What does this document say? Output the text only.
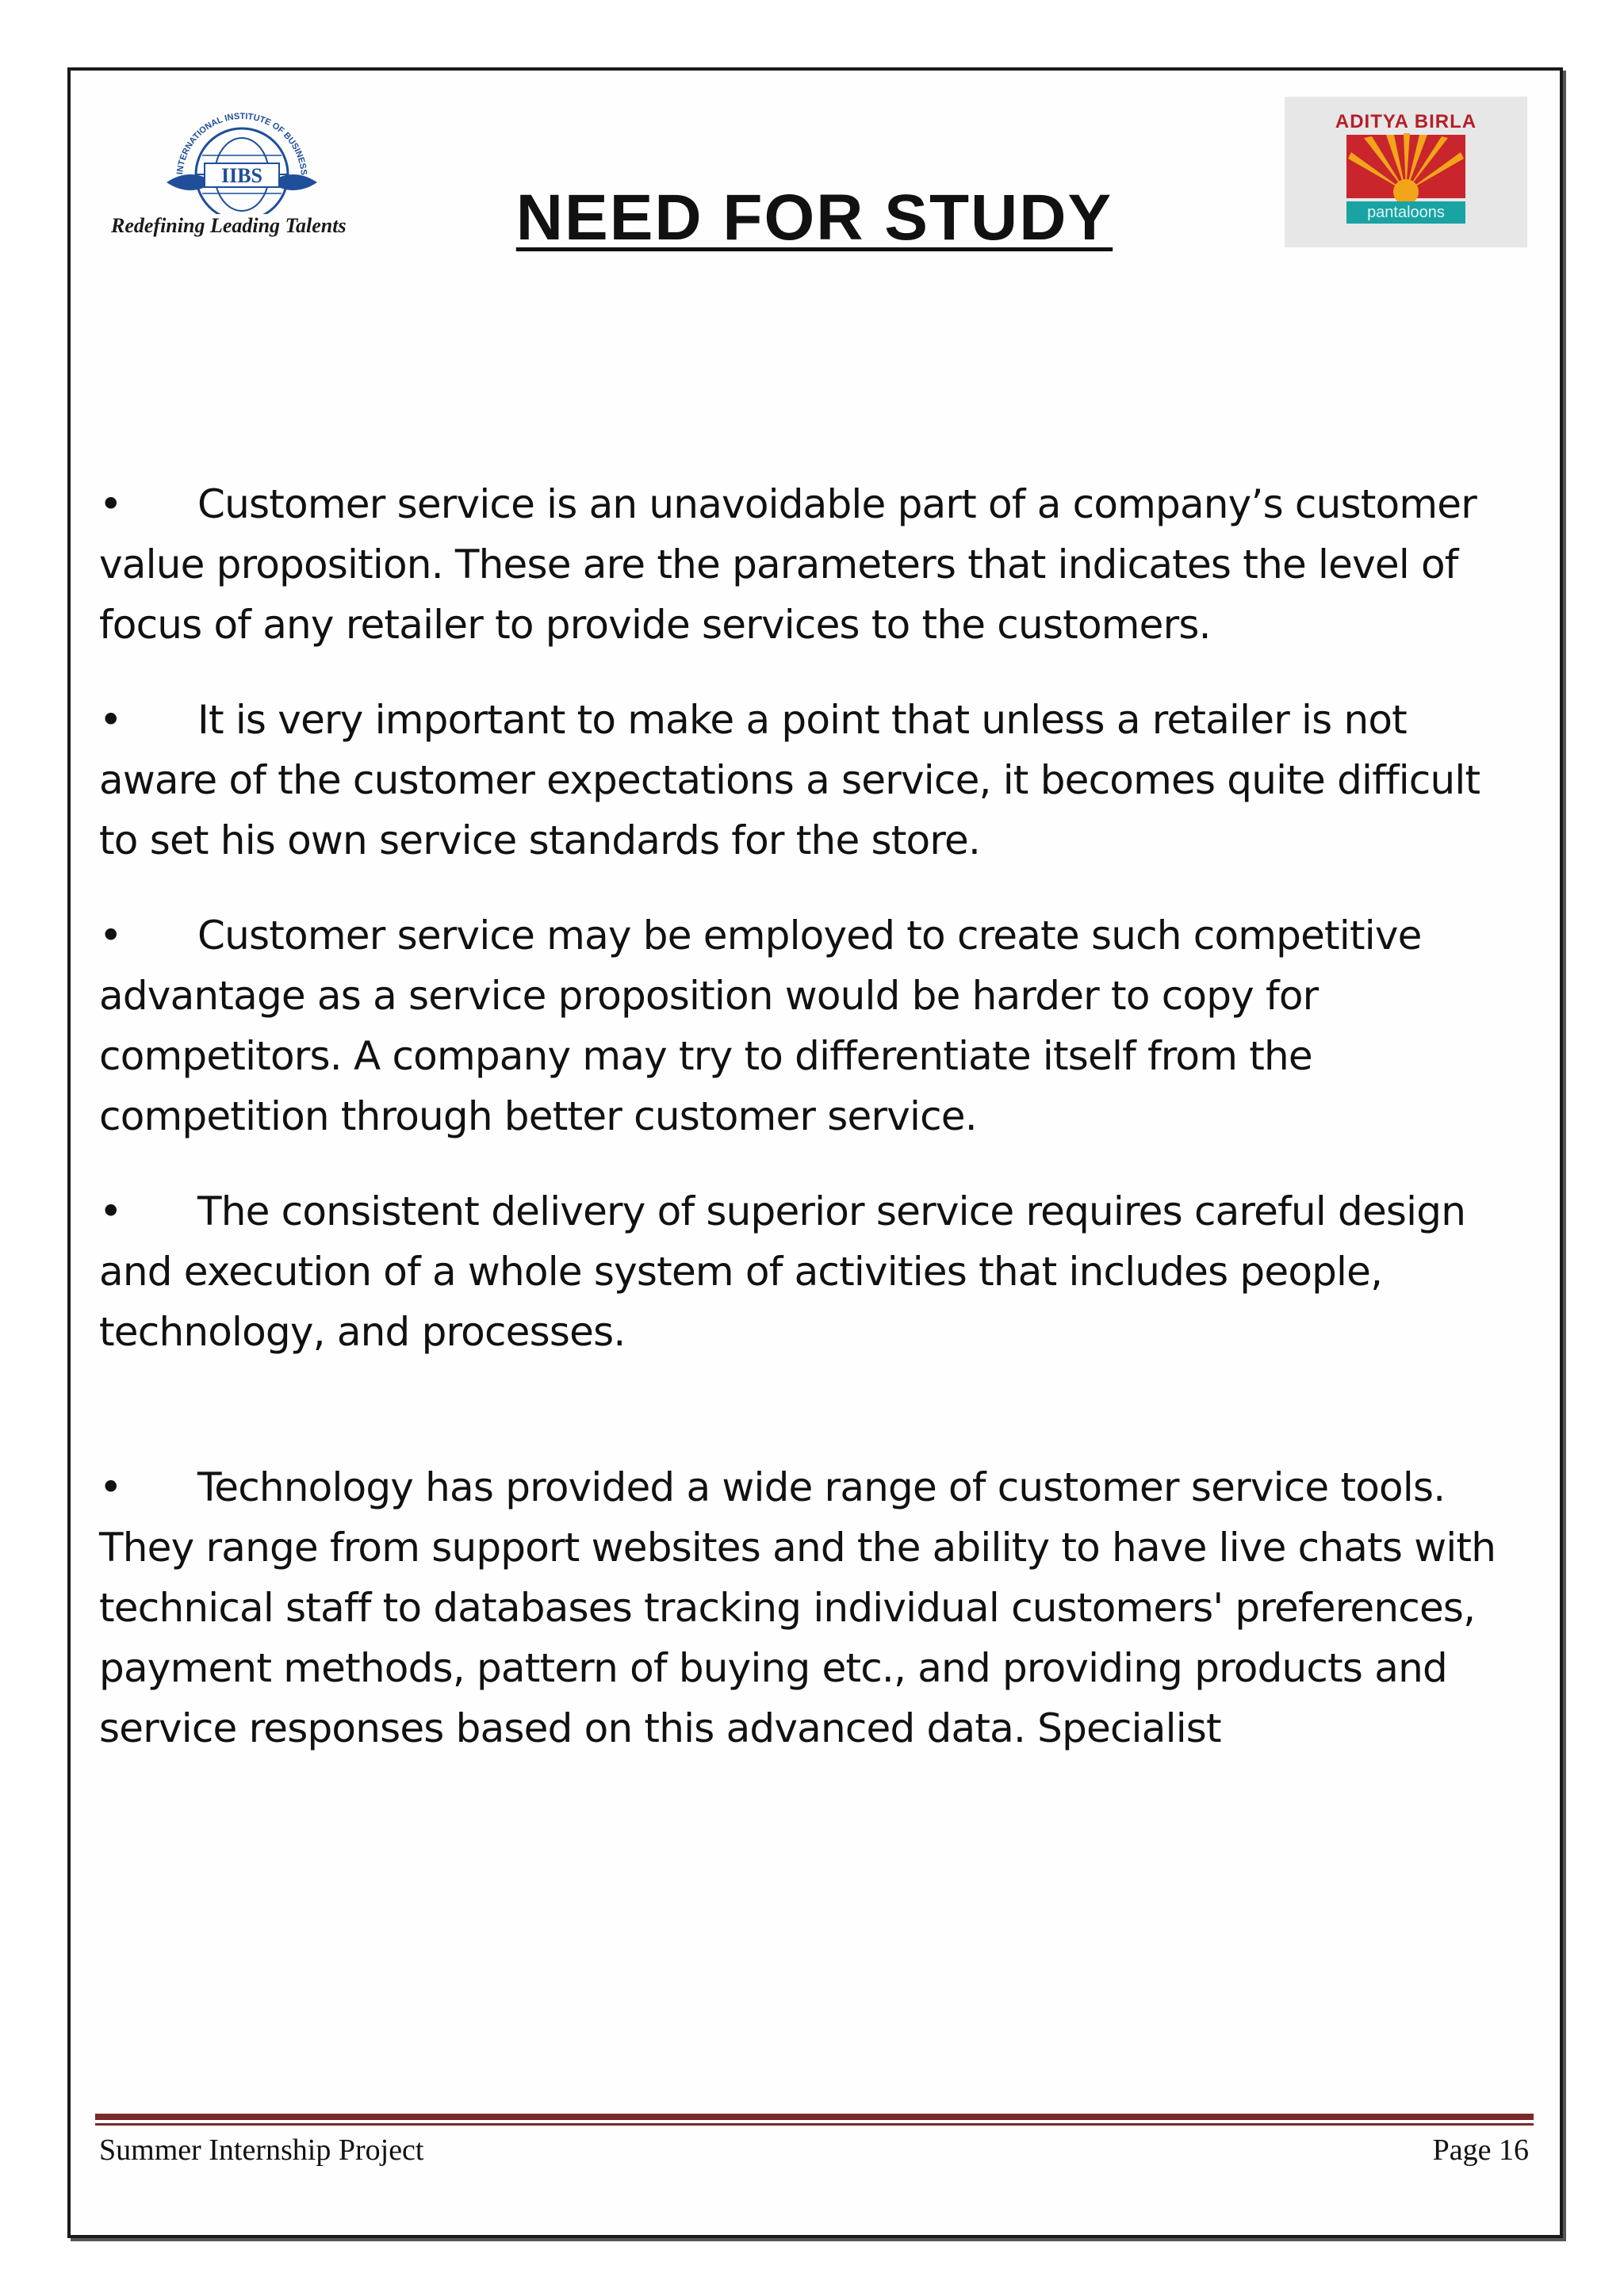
IIBS
INTERNATIONAL INSTITUTE OF BUSINESS
Redefining Leading Talents
ADITYA BIRLA
pantaloons
NEED FOR STUDY

• Customer service is an unavoidable part of a company’s customer value proposition. These are the parameters that indicates the level of focus of any retailer to provide services to the customers.

• It is very important to make a point that unless a retailer is not aware of the customer expectations a service, it becomes quite difficult to set his own service standards for the store.

• Customer service may be employed to create such competitive advantage as a service proposition would be harder to copy for competitors. A company may try to differentiate itself from the competition through better customer service.

• The consistent delivery of superior service requires careful design and execution of a whole system of activities that includes people, technology, and processes.

• Technology has provided a wide range of customer service tools. They range from support websites and the ability to have live chats with technical staff to databases tracking individual customers' preferences, payment methods, pattern of buying etc., and providing products and service responses based on this advanced data. Specialist

Summer Internship Project	Page 16
